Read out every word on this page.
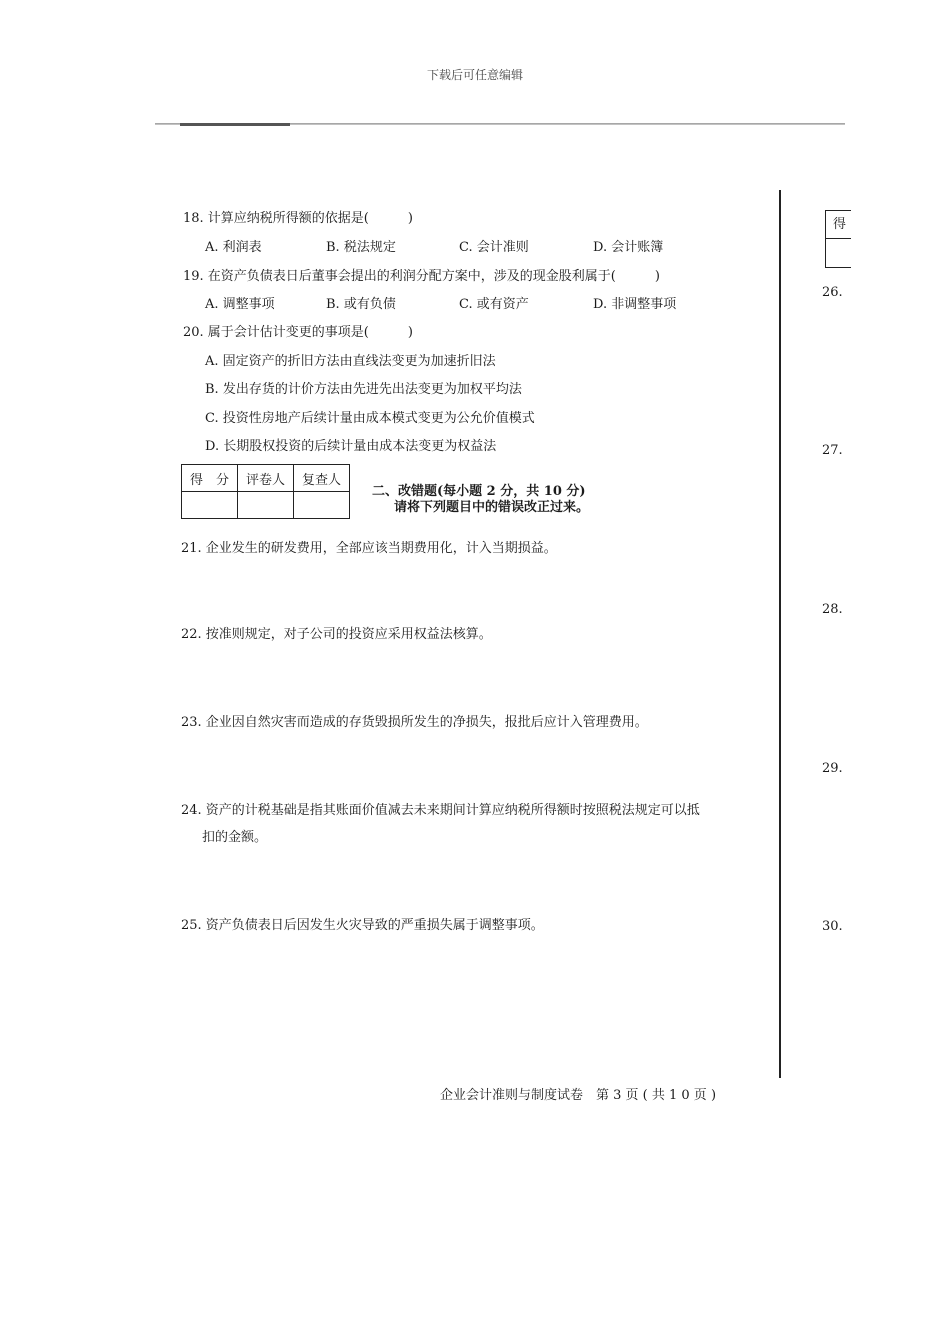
下载后可任意编辑
18. 计算应纳税所得额的依据是(　　　)
A. 利润表	B. 税法规定	C. 会计准则	D. 会计账簿
19. 在资产负债表日后董事会提出的利润分配方案中，涉及的现金股利属于(　　　)
A. 调整事项	B. 或有负债	C. 或有资产	D. 非调整事项
20. 属于会计估计变更的事项是(　　　)
A. 固定资产的折旧方法由直线法变更为加速折旧法
B. 发出存货的计价方法由先进先出法变更为加权平均法
C. 投资性房地产后续计量由成本模式变更为公允价值模式
D. 长期股权投资的后续计量由成本法变更为权益法
得　分	评卷人	复查人

二、改错题(每小题 2 分，共 10 分)
请将下列题目中的错误改正过来。
21. 企业发生的研发费用，全部应该当期费用化，计入当期损益。
22. 按准则规定，对子公司的投资应采用权益法核算。
23. 企业因自然灾害而造成的存货毁损所发生的净损失，报批后应计入管理费用。
24. 资产的计税基础是指其账面价值减去未来期间计算应纳税所得额时按照税法规定可以抵
扣的金额。
25. 资产负债表日后因发生火灾导致的严重损失属于调整事项。
企业会计准则与制度试卷　第 3 页 ( 共 1 0 页 )
得
26.
27.
28.
29.
30.
